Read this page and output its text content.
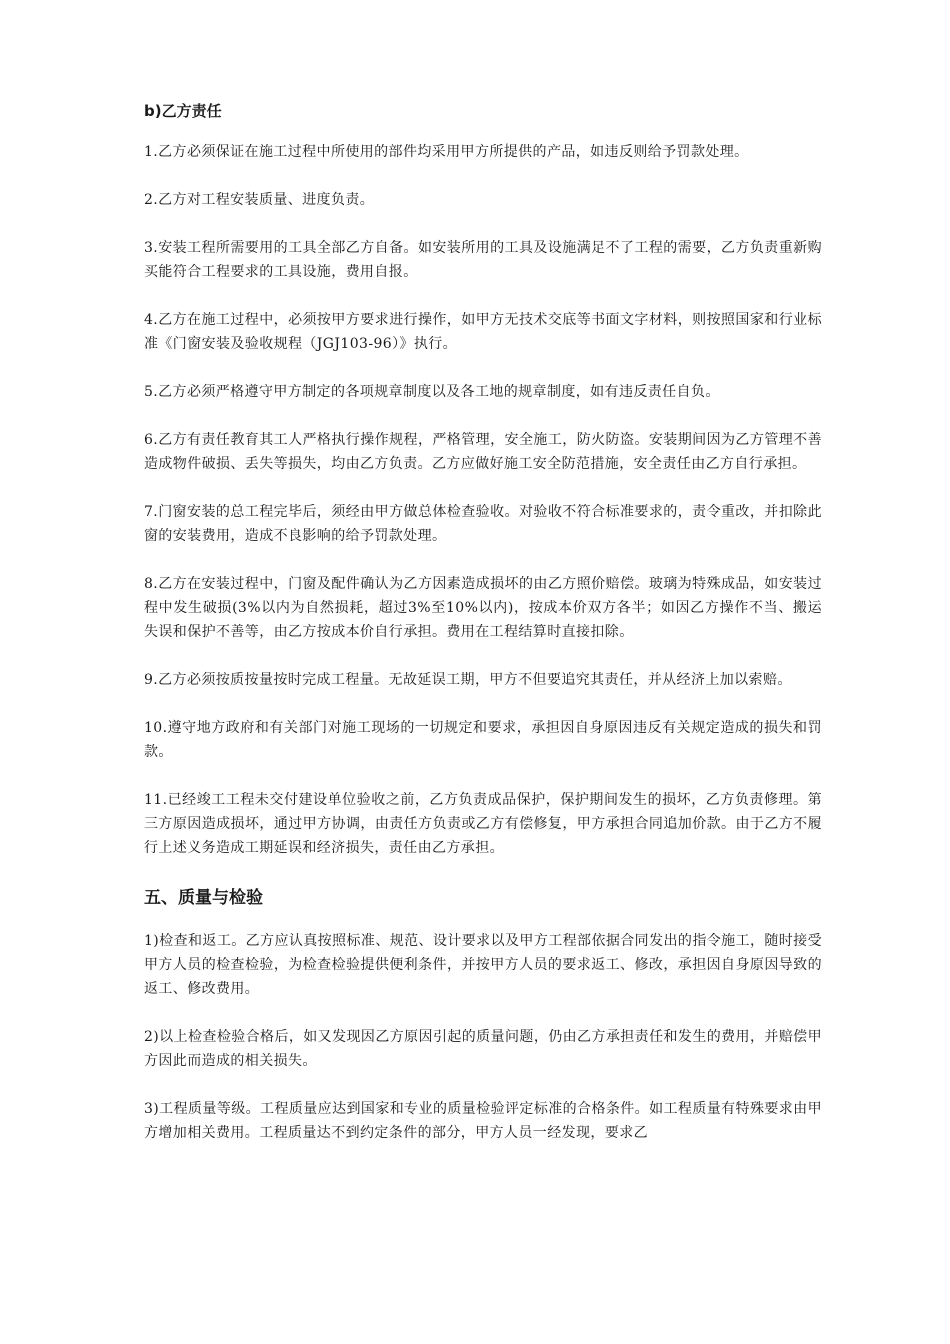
b)乙方责任

1.乙方必须保证在施工过程中所使用的部件均采用甲方所提供的产品，如违反则给予罚款处理。

2.乙方对工程安装质量、进度负责。

3.安装工程所需要用的工具全部乙方自备。如安装所用的工具及设施满足不了工程的需要，乙方负责重新购买能符合工程要求的工具设施，费用自报。

4.乙方在施工过程中，必须按甲方要求进行操作，如甲方无技术交底等书面文字材料，则按照国家和行业标准《门窗安装及验收规程（JGJ103-96）》执行。

5.乙方必须严格遵守甲方制定的各项规章制度以及各工地的规章制度，如有违反责任自负。

6.乙方有责任教育其工人严格执行操作规程，严格管理，安全施工，防火防盗。安装期间因为乙方管理不善造成物件破损、丢失等损失，均由乙方负责。乙方应做好施工安全防范措施，安全责任由乙方自行承担。

7.门窗安装的总工程完毕后，须经由甲方做总体检查验收。对验收不符合标准要求的，责令重改，并扣除此窗的安装费用，造成不良影响的给予罚款处理。

8.乙方在安装过程中，门窗及配件确认为乙方因素造成损坏的由乙方照价赔偿。玻璃为特殊成品，如安装过程中发生破损(3%以内为自然损耗，超过3%至10%以内)，按成本价双方各半；如因乙方操作不当、搬运失误和保护不善等，由乙方按成本价自行承担。费用在工程结算时直接扣除。

9.乙方必须按质按量按时完成工程量。无故延误工期，甲方不但要追究其责任，并从经济上加以索赔。

10.遵守地方政府和有关部门对施工现场的一切规定和要求，承担因自身原因违反有关规定造成的损失和罚款。

11.已经竣工工程未交付建设单位验收之前，乙方负责成品保护，保护期间发生的损坏，乙方负责修理。第三方原因造成损坏，通过甲方协调，由责任方负责或乙方有偿修复，甲方承担合同追加价款。由于乙方不履行上述义务造成工期延误和经济损失，责任由乙方承担。

五、质量与检验

1)检查和返工。乙方应认真按照标准、规范、设计要求以及甲方工程部依据合同发出的指令施工，随时接受甲方人员的检查检验，为检查检验提供便利条件，并按甲方人员的要求返工、修改，承担因自身原因导致的返工、修改费用。

2)以上检查检验合格后，如又发现因乙方原因引起的质量问题，仍由乙方承担责任和发生的费用，并赔偿甲方因此而造成的相关损失。

3)工程质量等级。工程质量应达到国家和专业的质量检验评定标准的合格条件。如工程质量有特殊要求由甲方增加相关费用。工程质量达不到约定条件的部分，甲方人员一经发现，要求乙
